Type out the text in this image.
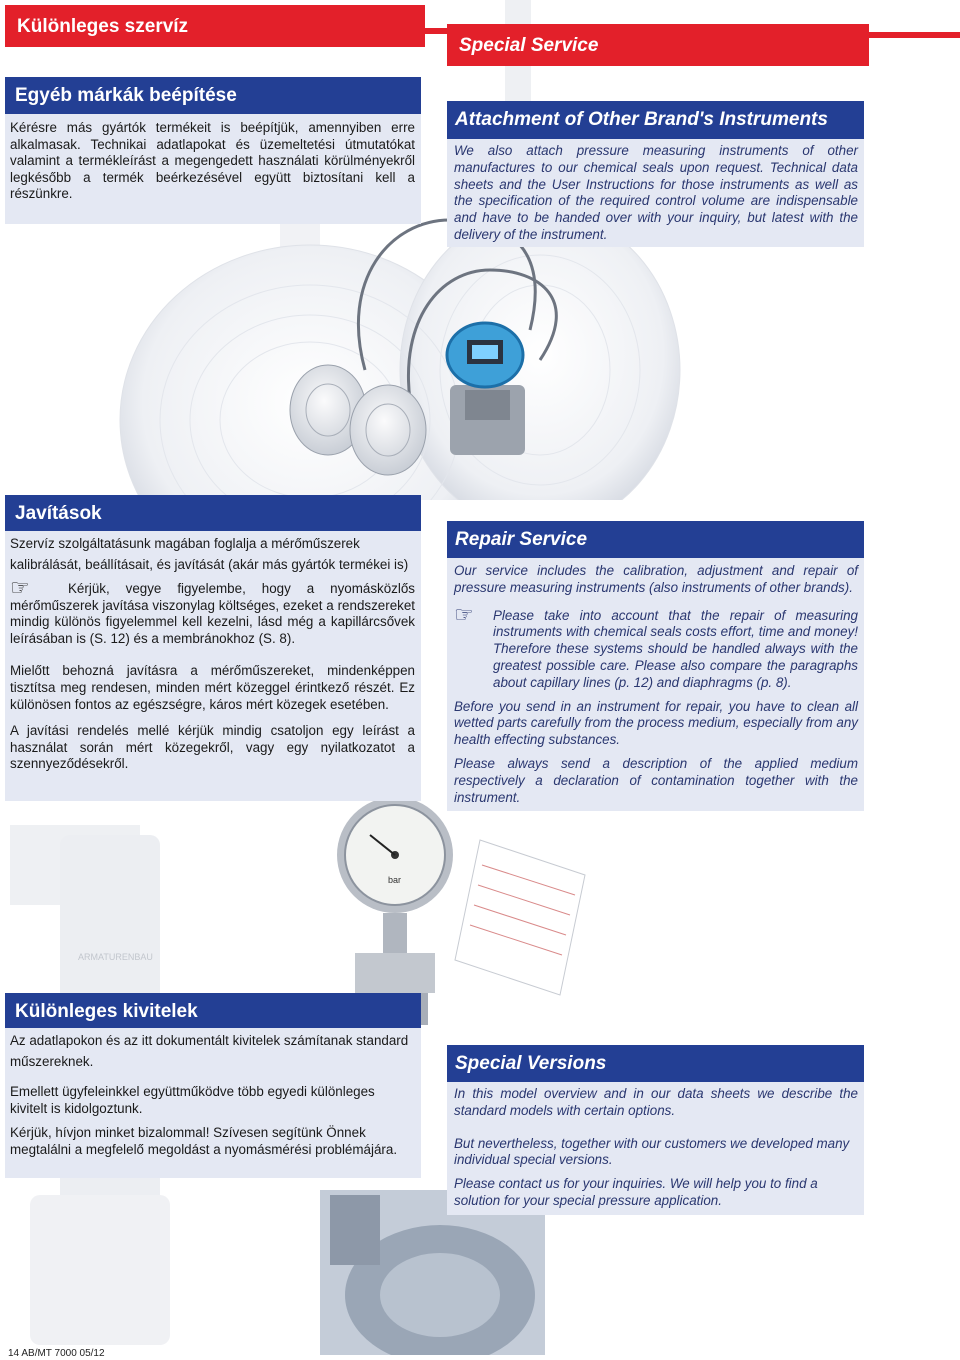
ARMATURENBAU
bar
Különleges szervíz
Special Service
Egyéb márkák beépítése

Kérésre más gyártók termékeit is beépítjük, amennyiben erre alkalmasak. Technikai adatlapokat és üzemeltetési útmutatókat valamint a termékleírást a megengedett használati körülményekről legkésőbb a termék beérkezésével együtt biztosítani kell a részünkre.

Attachment of Other Brand's Instruments

We also attach pressure measuring instruments of other manufactures to our chemical seals upon request. Technical data sheets and the User Instructions for those instruments as well as the specification of the required control volume are indispensable and have to be handed over with your inquiry, but latest with the delivery of the instrument.

Javítások

Szervíz szolgáltatásunk magában foglalja a mérőműszerek kalibrálását, beállításait, és javítását (akár más gyártók termékei is)

☞	Kérjük, vegye figyelembe, hogy a nyomásközlős mérőműszerek javítása viszonylag költséges, ezeket a rendszereket mindig különös figyelemmel kell kezelni, lásd még a kapillárcsővek leírásában is (S. 12) és a membránokhoz (S. 8).

Mielőtt behozná javításra a mérőműszereket, mindenképpen tisztítsa meg rendesen, minden mért közeggel érintkező részét. Ez különösen fontos az egészségre, káros mért közegek esetében.

A javítási rendelés mellé kérjük mindig csatoljon egy leírást a használat során mért közegekről, vagy egy nyilatkozatot a szennyeződésekről.

Repair Service

Our service includes the calibration, adjustment and repair of pressure measuring instruments (also instruments of other brands).

☞	Please take into account that the repair of measuring instruments with chemical seals costs effort, time and money! Therefore these systems should be handled always with the greatest possible care. Please also compare the paragraphs about capillary lines (p. 12) and diaphragms (p. 8).

Before you send in an instrument for repair, you have to clean all wetted parts carefully from the process medium, especially from any health effecting substances.

Please always send a description of the applied medium respectively a declaration of contamination together with the instrument.

Különleges kivitelek

Az adatlapokon és az itt dokumentált kivitelek számítanak standard műszereknek.

Emellett ügyfeleinkkel együttműködve több egyedi különleges kivitelt is kidolgoztunk.

Kérjük, hívjon minket bizalommal! Szívesen segítünk Önnek megtalálni a megfelelő megoldást a nyomásmérési problémájára.

Special Versions

In this model overview and in our data sheets we describe the standard models with certain options.

But nevertheless, together with our customers we developed many individual special versions.

Please contact us for your inquiries. We will help you to find a solution for your special pressure application.

14 AB/MT 7000 05/12
